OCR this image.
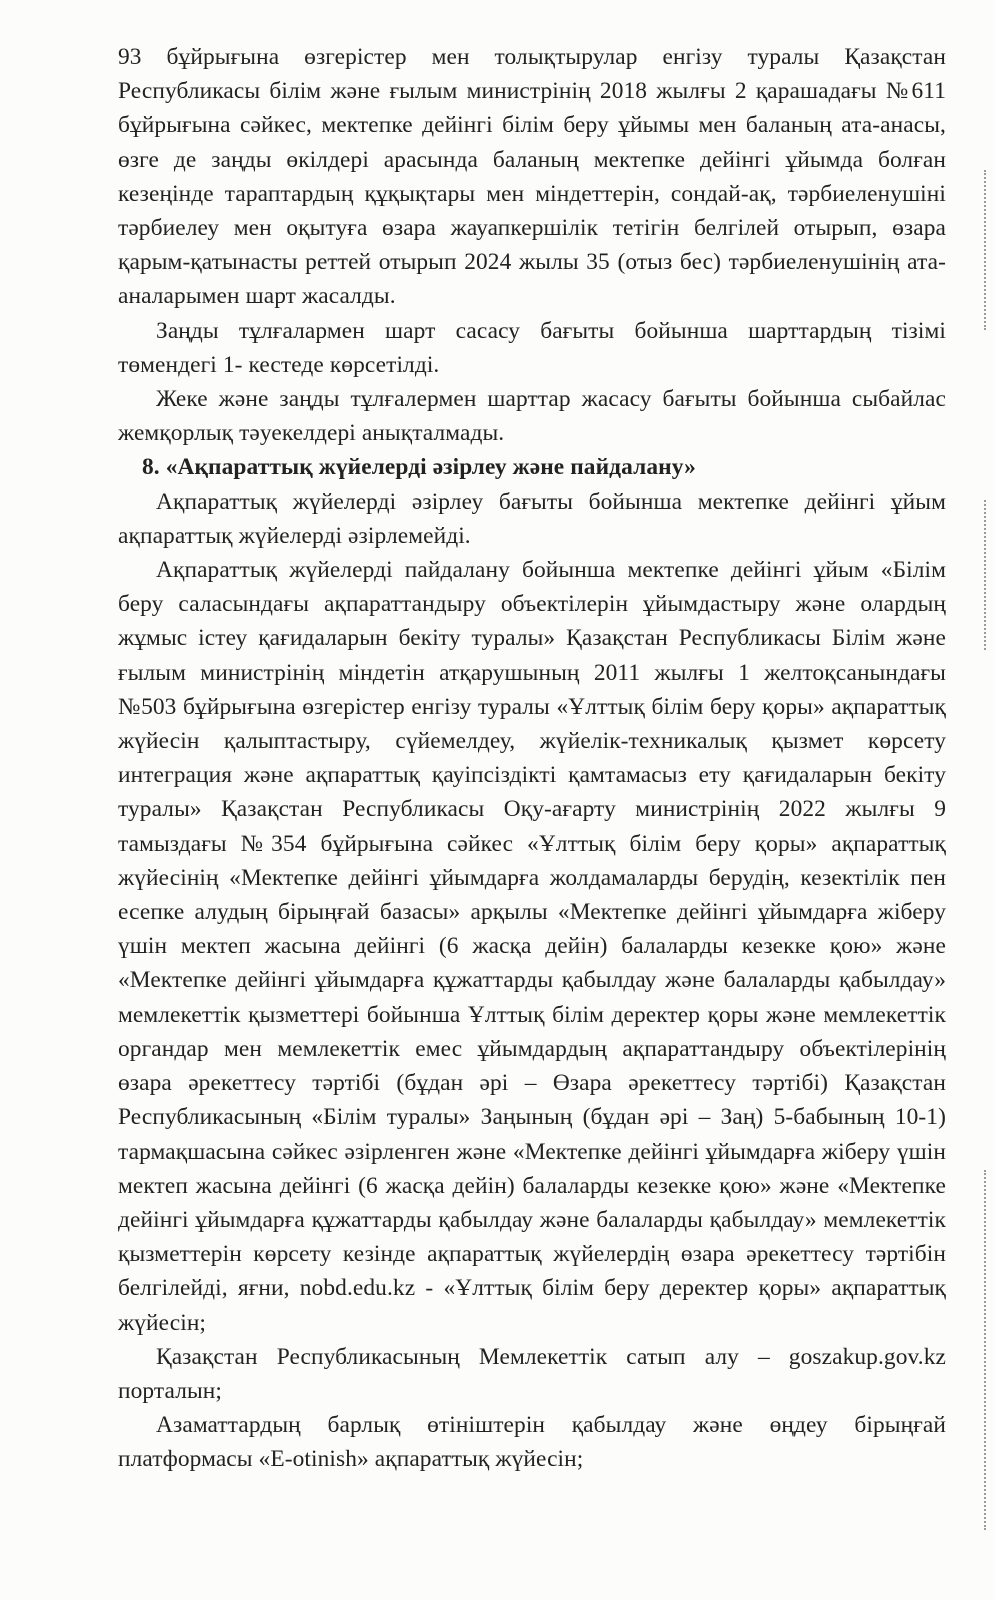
93 бұйрығына өзгерістер мен толықтырулар енгізу туралы Қазақстан Республикасы білім және ғылым министрінің 2018 жылғы 2 қарашадағы №611 бұйрығына сәйкес, мектепке дейінгі білім беру ұйымы мен баланың ата-анасы, өзге де заңды өкілдері арасында баланың мектепке дейінгі ұйымда болған кезеңінде тараптардың құқықтары мен міндеттерін, сондай-ақ, тәрбиеленушіні тәрбиелеу мен оқытуға өзара жауапкершілік тетігін белгілей отырып, өзара қарым-қатынасты реттей отырып 2024 жылы 35 (отыз бес) тәрбиеленушінің ата-аналарымен шарт жасалды.

Заңды тұлғалармен шарт сасасу бағыты бойынша шарттардың тізімі төмендегі 1- кестеде көрсетілді.

Жеке және заңды тұлғалермен шарттар жасасу бағыты бойынша сыбайлас жемқорлық тәуекелдері анықталмады.

8. «Ақпараттық жүйелерді әзірлеу және пайдалану»

Ақпараттық жүйелерді әзірлеу бағыты бойынша мектепке дейінгі ұйым ақпараттық жүйелерді әзірлемейді.

Ақпараттық жүйелерді пайдалану бойынша мектепке дейінгі ұйым «Білім беру саласындағы ақпараттандыру объектілерін ұйымдастыру және олардың жұмыс істеу қағидаларын бекіту туралы» Қазақстан Республикасы Білім және ғылым министрінің міндетін атқарушының 2011 жылғы 1 желтоқсанындағы №503 бұйрығына өзгерістер енгізу туралы «Ұлттық білім беру қоры» ақпараттық жүйесін қалыптастыру, сүйемелдеу, жүйелік-техникалық қызмет көрсету интеграция және ақпараттық қауіпсіздікті қамтамасыз ету қағидаларын бекіту туралы» Қазақстан Республикасы Оқу-ағарту министрінің 2022 жылғы 9 тамыздағы №354 бұйрығына сәйкес «Ұлттық білім беру қоры» ақпараттық жүйесінің «Мектепке дейінгі ұйымдарға жолдамаларды берудің, кезектілік пен есепке алудың бірыңғай базасы» арқылы «Мектепке дейінгі ұйымдарға жіберу үшін мектеп жасына дейінгі (6 жасқа дейін) балаларды кезекке қою» және «Мектепке дейінгі ұйымдарға құжаттарды қабылдау және балаларды қабылдау» мемлекеттік қызметтері бойынша Ұлттық білім деректер қоры және мемлекеттік органдар мен мемлекеттік емес ұйымдардың ақпараттандыру объектілерінің өзара әрекеттесу тәртібі (бұдан әрі – Өзара әрекеттесу тәртібі) Қазақстан Республикасының «Білім туралы» Заңының (бұдан әрі – Заң) 5-бабының 10-1) тармақшасына сәйкес әзірленген және «Мектепке дейінгі ұйымдарға жіберу үшін мектеп жасына дейінгі (6 жасқа дейін) балаларды кезекке қою» және «Мектепке дейінгі ұйымдарға құжаттарды қабылдау және балаларды қабылдау» мемлекеттік қызметтерін көрсету кезінде ақпараттық жүйелердің өзара әрекеттесу тәртібін белгілейді, яғни, nobd.edu.kz - «Ұлттық білім беру деректер қоры» ақпараттық жүйесін;

Қазақстан Республикасының Мемлекеттік сатып алу – goszakup.gov.kz порталын;

Азаматтардың барлық өтініштерін қабылдау және өңдеу бірыңғай платформасы «E-otinish» ақпараттық жүйесін;
